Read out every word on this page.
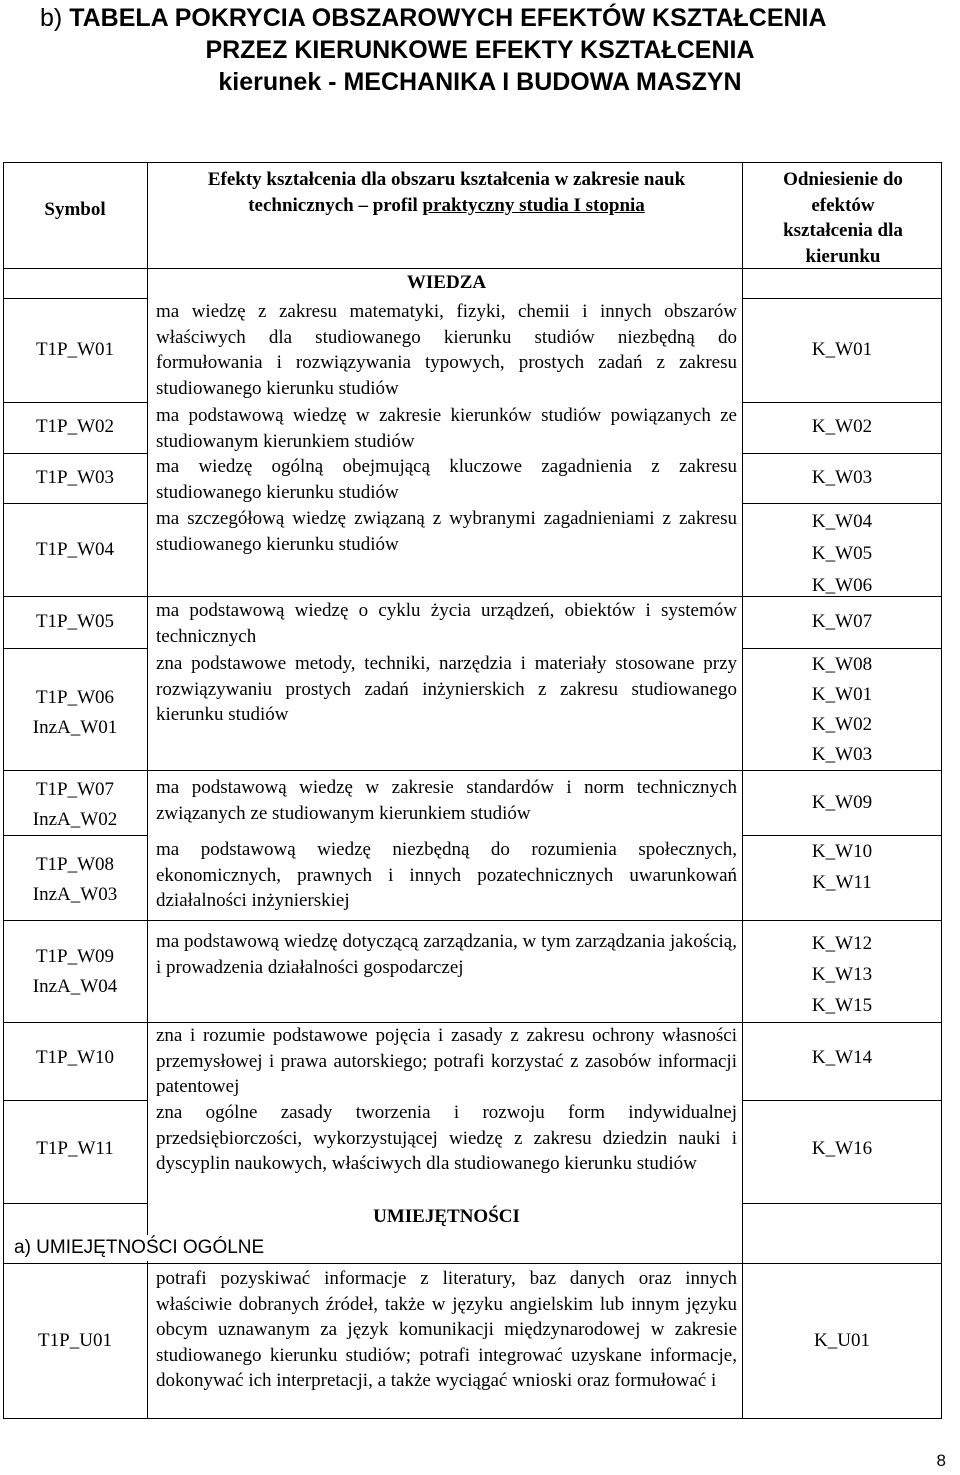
b) TABELA POKRYCIA OBSZAROWYCH EFEKTÓW KSZTAŁCENIA
PRZEZ KIERUNKOWE EFEKTY KSZTAŁCENIA
kierunek - MECHANIKA I BUDOWA MASZYN
Symbol
Efekty kształcenia dla obszaru kształcenia w zakresie nauk
technicznych – profil praktyczny studia I stopnia
Odniesienie do efektów kształcenia dla kierunku
WIEDZA
T1P_W01
ma wiedzę z zakresu matematyki, fizyki, chemii i innych obszarów właściwych dla studiowanego kierunku studiów niezbędną do formułowania i rozwiązywania typowych, prostych zadań z zakresu studiowanego kierunku studiów
K_W01
T1P_W02
ma podstawową wiedzę w zakresie kierunków studiów powiązanych ze studiowanym kierunkiem studiów
K_W02
T1P_W03
ma wiedzę ogólną obejmującą kluczowe zagadnienia z zakresu studiowanego kierunku studiów
K_W03
T1P_W04
ma szczegółową wiedzę związaną z wybranymi zagadnieniami z zakresu studiowanego kierunku studiów
K_W04
K_W05
K_W06
T1P_W05
ma podstawową wiedzę o cyklu życia urządzeń, obiektów i systemów technicznych
K_W07
T1P_W06
InzA_W01
zna podstawowe metody, techniki, narzędzia i materiały stosowane przy rozwiązywaniu prostych zadań inżynierskich z zakresu studiowanego kierunku studiów
K_W08
K_W01
K_W02
K_W03
T1P_W07
InzA_W02
ma podstawową wiedzę w zakresie standardów i norm technicznych związanych ze studiowanym kierunkiem studiów	K_W09
T1P_W08
InzA_W03
ma podstawową wiedzę niezbędną do rozumienia społecznych, ekonomicznych, prawnych i innych pozatechnicznych uwarunkowań działalności inżynierskiej
K_W10
K_W11
T1P_W09
InzA_W04
ma podstawową wiedzę dotyczącą zarządzania, w tym zarządzania jakością, i prowadzenia działalności gospodarczej
K_W12
K_W13
K_W15
T1P_W10
zna i rozumie podstawowe pojęcia i zasady z zakresu ochrony własności przemysłowej i prawa autorskiego; potrafi korzystać z zasobów informacji patentowej
K_W14
T1P_W11
zna ogólne zasady tworzenia i rozwoju form indywidualnej przedsiębiorczości, wykorzystującej wiedzę z zakresu dziedzin nauki i dyscyplin naukowych, właściwych dla studiowanego kierunku studiów
K_W16
UMIEJĘTNOŚCI
a) UMIEJĘTNOŚCI OGÓLNE
T1P_U01
potrafi pozyskiwać informacje z literatury, baz danych oraz innych właściwie dobranych źródeł, także w języku angielskim lub innym języku obcym uznawanym za język komunikacji międzynarodowej w zakresie studiowanego kierunku studiów; potrafi integrować uzyskane informacje, dokonywać ich interpretacji, a także wyciągać wnioski oraz formułować i
K_U01
8
